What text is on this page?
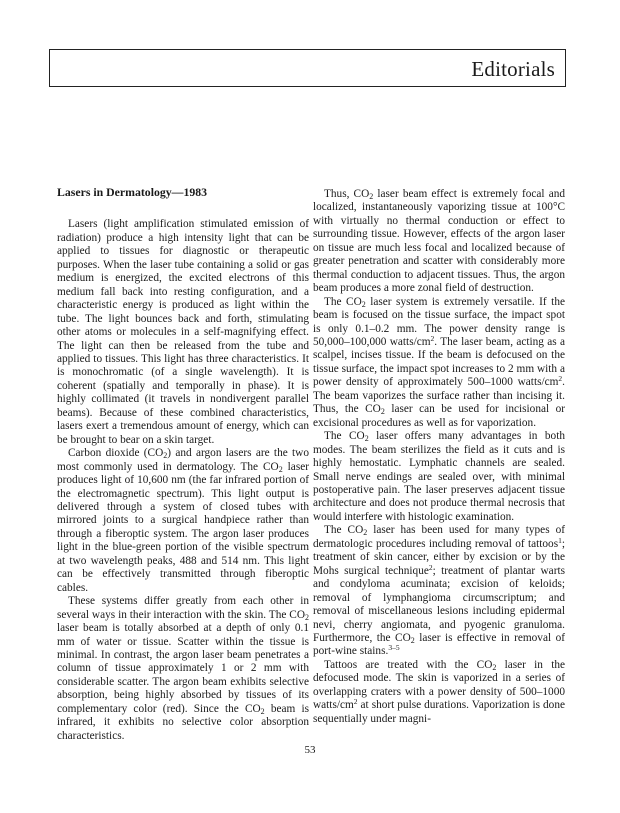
Editorials
Lasers in Dermatology—1983

Lasers (light amplification stimulated emission of radiation) produce a high intensity light that can be applied to tissues for diagnostic or therapeutic purposes. When the laser tube containing a solid or gas medium is energized, the excited electrons of this medium fall back into resting configuration, and a characteristic energy is produced as light within the tube. The light bounces back and forth, stimulating other atoms or molecules in a self-magnifying effect. The light can then be released from the tube and applied to tissues. This light has three characteristics. It is monochromatic (of a single wavelength). It is coherent (spatially and temporally in phase). It is highly collimated (it travels in nondivergent parallel beams). Because of these combined characteristics, lasers exert a tremendous amount of energy, which can be brought to bear on a skin target.

Carbon dioxide $(CO_2)$ and argon lasers are the two most commonly used in dermatology. The $CO_2$ laser produces light of 10,600 nm (the far infrared portion of the electromagnetic spectrum). This light output is delivered through a system of closed tubes with mirrored joints to a surgical handpiece rather than through a fiberoptic system. The argon laser produces light in the blue-green portion of the visible spectrum at two wavelength peaks, 488 and 514 nm. This light can be effectively transmitted through fiberoptic cables.

These systems differ greatly from each other in several ways in their interaction with the skin. The $CO_2$ laser beam is totally absorbed at a depth of only 0.1 mm of water or tissue. Scatter within the tissue is minimal. In contrast, the argon laser beam penetrates a column of tissue approximately 1 or 2 mm with considerable scatter. The argon beam exhibits selective absorption, being highly absorbed by tissues of its complementary color (red). Since the $CO_2$ beam is infrared, it exhibits no selective color absorption characteristics.

Thus, $CO_2$ laser beam effect is extremely focal and localized, instantaneously vaporizing tissue at 100°C with virtually no thermal conduction or effect to surrounding tissue. However, effects of the argon laser on tissue are much less focal and localized because of greater penetration and scatter with considerably more thermal conduction to adjacent tissues. Thus, the argon beam produces a more zonal field of destruction.

The $CO_2$ laser system is extremely versatile. If the beam is focused on the tissue surface, the impact spot is only 0.1–0.2 mm. The power density range is 50,000–100,000 watts/$cm^2$. The laser beam, acting as a scalpel, incises tissue. If the beam is defocused on the tissue surface, the impact spot increases to 2 mm with a power density of approximately 500–1000 watts/$cm^2$. The beam vaporizes the surface rather than incising it. Thus, the $CO_2$ laser can be used for incisional or excisional procedures as well as for vaporization.

The $CO_2$ laser offers many advantages in both modes. The beam sterilizes the field as it cuts and is highly hemostatic. Lymphatic channels are sealed. Small nerve endings are sealed over, with minimal postoperative pain. The laser preserves adjacent tissue architecture and does not produce thermal necrosis that would interfere with histologic examination.

The $CO_2$ laser has been used for many types of dermatologic procedures including removal of tattoos$^1$; treatment of skin cancer, either by excision or by the Mohs surgical technique$^2$; treatment of plantar warts and condyloma acuminata; excision of keloids; removal of lymphangioma circumscriptum; and removal of miscellaneous lesions including epidermal nevi, cherry angiomata, and pyogenic granuloma. Furthermore, the $CO_2$ laser is effective in removal of port-wine stains.$^{3-5}$

Tattoos are treated with the $CO_2$ laser in the defocused mode. The skin is vaporized in a series of overlapping craters with a power density of 500–1000 watts/$cm^2$ at short pulse durations. Vaporization is done sequentially under magni-

53
